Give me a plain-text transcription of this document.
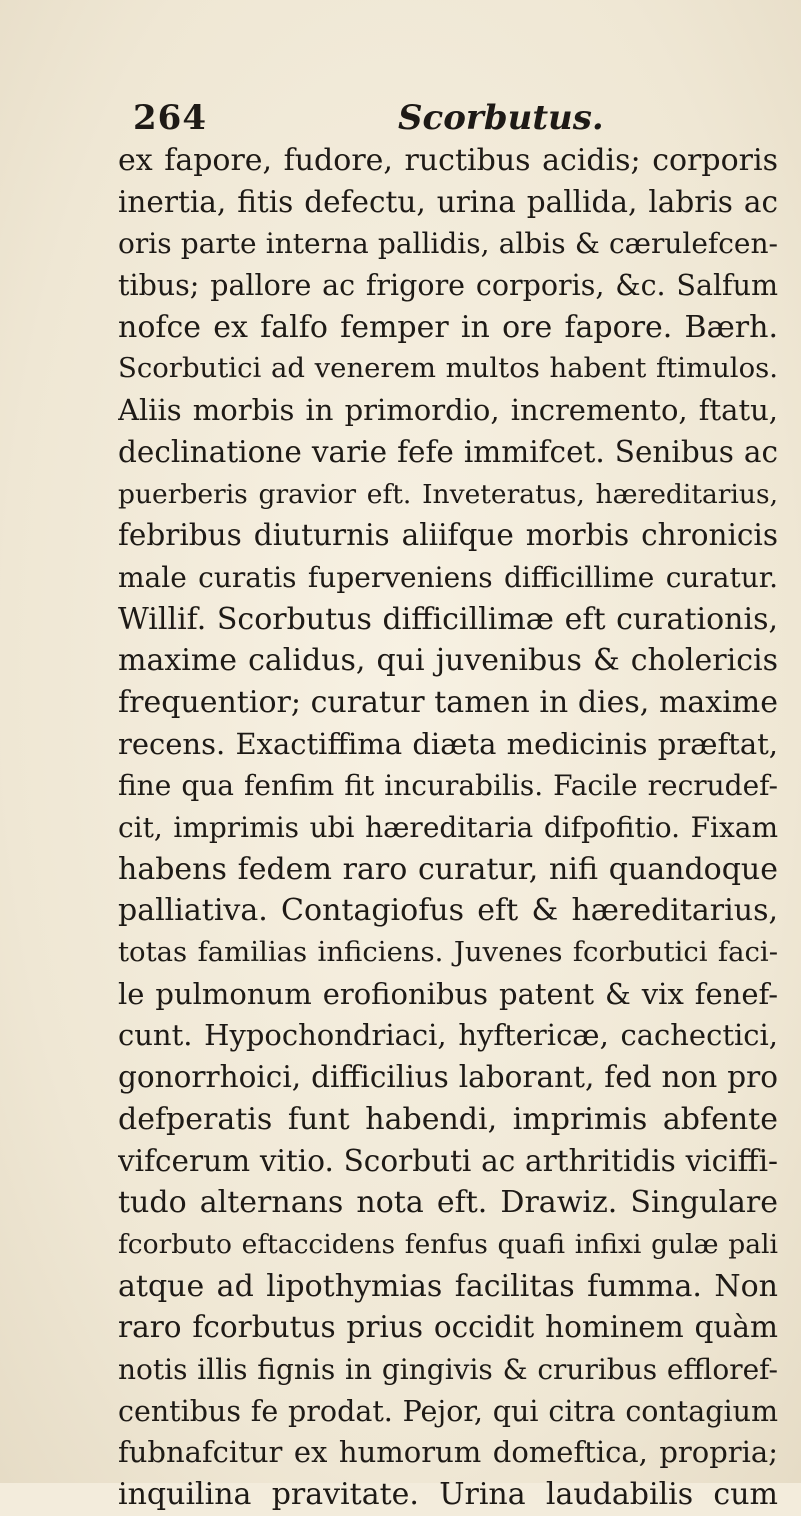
264	Scorbutus.
ex fapore, fudore, ructibus acidis; corporis
inertia, fitis defectu, urina pallida, labris ac
oris parte interna pallidis, albis & cærulefcen-
tibus; pallore ac frigore corporis, &c. Salfum
nofce ex falfo femper in ore fapore. Bærh.
Scorbutici ad venerem multos habent ftimulos.
Aliis morbis in primordio, incremento, ftatu,
declinatione varie fefe immifcet. Senibus ac
puerberis gravior eft. Inveteratus, hæreditarius,
febribus diuturnis aliifque morbis chronicis
male curatis fuperveniens difficillime curatur.
Willif. Scorbutus difficillimæ eft curationis,
maxime calidus, qui juvenibus & cholericis
frequentior; curatur tamen in dies, maxime
recens. Exactiffima diæta medicinis præftat,
fine qua fenfim fit incurabilis. Facile recrudef-
cit, imprimis ubi hæreditaria difpofitio. Fixam
habens fedem raro curatur, nifi quandoque
palliativa. Contagiofus eft & hæreditarius,
totas familias inficiens. Juvenes fcorbutici faci-
le pulmonum erofionibus patent & vix fenef-
cunt. Hypochondriaci, hyftericæ, cachectici,
gonorrhoici, difficilius laborant, fed non pro
defperatis funt habendi, imprimis abfente
vifcerum vitio. Scorbuti ac arthritidis viciffi-
tudo alternans nota eft. Drawiz. Singulare
fcorbuto eftaccidens fenfus quafi infixi gulæ pali
atque ad lipothymias facilitas fumma. Non
raro fcorbutus prius occidit hominem quàm
notis illis fignis in gingivis & cruribus effloref-
centibus fe prodat. Pejor, qui citra contagium
fubnafcitur ex humorum domeftica, propria;
inquilina pravitate. Urina laudabilis cum
